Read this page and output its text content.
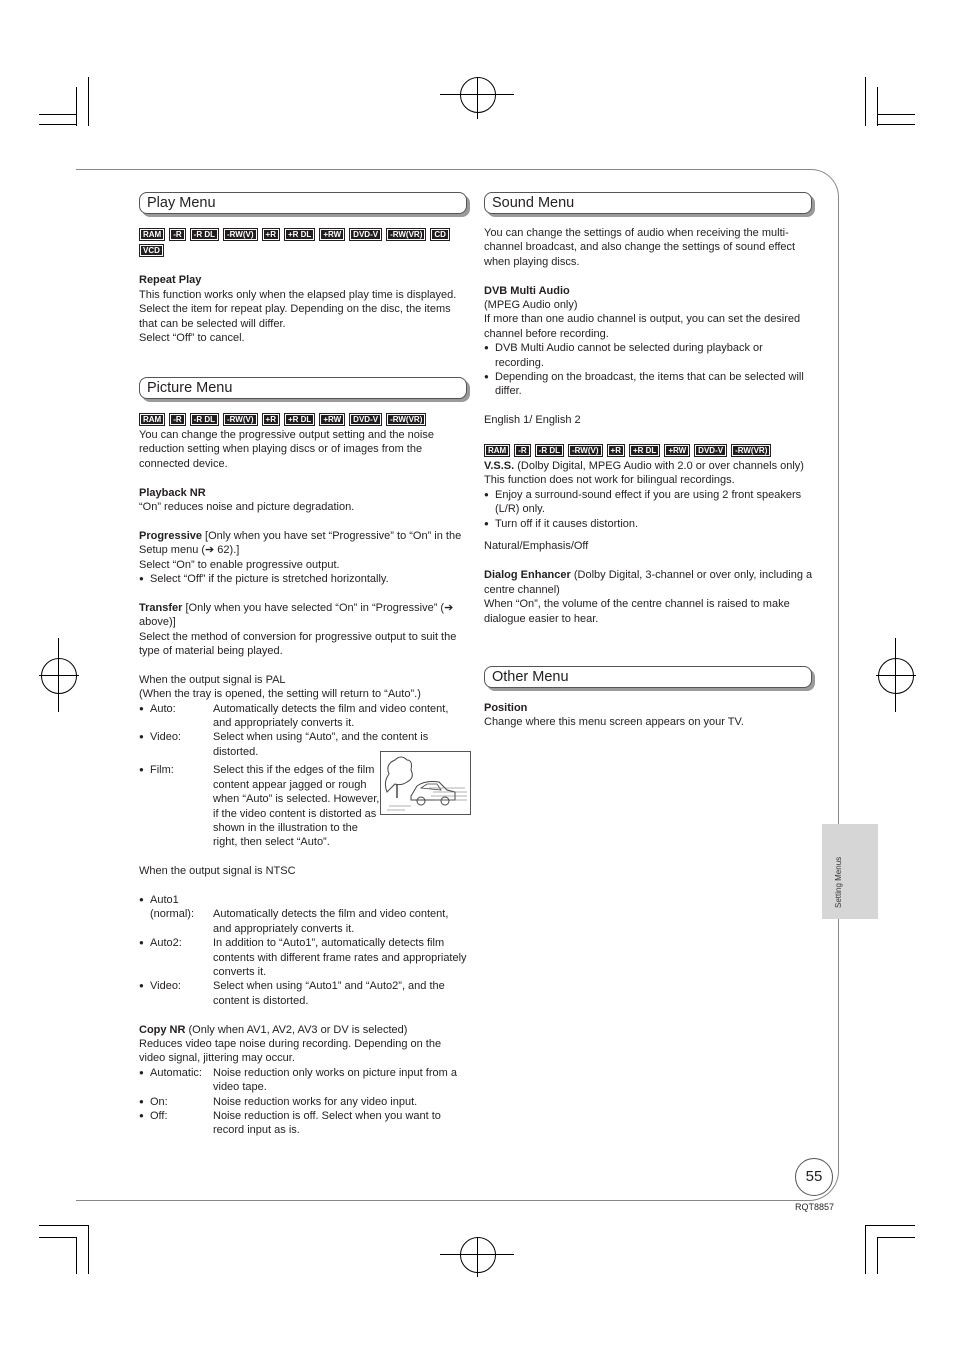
Play Menu
RAM	-R	-R DL	-RW(V)	+R	+R DL	+RW	DVD-V	-RW(VR)	CD
VCD

Repeat Play

This function works only when the elapsed play time is displayed.

Select the item for repeat play. Depending on the disc, the items that can be selected will differ.

Select “Off” to cancel.

Picture Menu
RAM	-R	-R DL	-RW(V)	+R	+R DL	+RW	DVD-V	-RW(VR)

You can change the progressive output setting and the noise reduction setting when playing discs or of images from the connected device.

Playback NR

“On” reduces noise and picture degradation.

Progressive [Only when you have set “Progressive” to “On” in the Setup menu (➔ 62).]

Select “On” to enable progressive output.

● Select “Off” if the picture is stretched horizontally.

Transfer [Only when you have selected “On” in “Progressive” (➔ above)]

Select the method of conversion for progressive output to suit the type of material being played.

When the output signal is PAL

(When the tray is opened, the setting will return to “Auto”.)

● Auto:	Automatically detects the film and video content, and appropriately converts it.
● Video:	Select when using “Auto”, and the content is distorted.
● Film:	Select this if the edges of the film content appear jagged or rough when “Auto” is selected. However, if the video content is distorted as shown in the illustration to the right, then select “Auto”.

When the output signal is NTSC

● Auto1

(normal):	Automatically detects the film and video content, and appropriately converts it.
● Auto2:	In addition to “Auto1”, automatically detects film contents with different frame rates and appropriately converts it.
● Video:	Select when using “Auto1” and “Auto2”, and the content is distorted.

Copy NR (Only when AV1, AV2, AV3 or DV is selected)

Reduces video tape noise during recording. Depending on the video signal, jittering may occur.

● Automatic:	Noise reduction only works on picture input from a video tape.
● On:	Noise reduction works for any video input.
● Off:	Noise reduction is off. Select when you want to record input as is.
Sound Menu

You can change the settings of audio when receiving the multi-channel broadcast, and also change the settings of sound effect when playing discs.

DVB Multi Audio

(MPEG Audio only)

If more than one audio channel is output, you can set the desired channel before recording.

● DVB Multi Audio cannot be selected during playback or recording.

● Depending on the broadcast, the items that can be selected will differ.

English 1/ English 2

RAM	-R	-R DL	-RW(V)	+R	+R DL	+RW	DVD-V	-RW(VR)

V.S.S. (Dolby Digital, MPEG Audio with 2.0 or over channels only)

This function does not work for bilingual recordings.

● Enjoy a surround-sound effect if you are using 2 front speakers (L/R) only.

● Turn off if it causes distortion.

Natural/Emphasis/Off

Dialog Enhancer (Dolby Digital, 3-channel or over only, including a centre channel)

When “On”, the volume of the centre channel is raised to make dialogue easier to hear.

Other Menu

Position

Change where this menu screen appears on your TV.

Setting Menus
55
RQT8857
